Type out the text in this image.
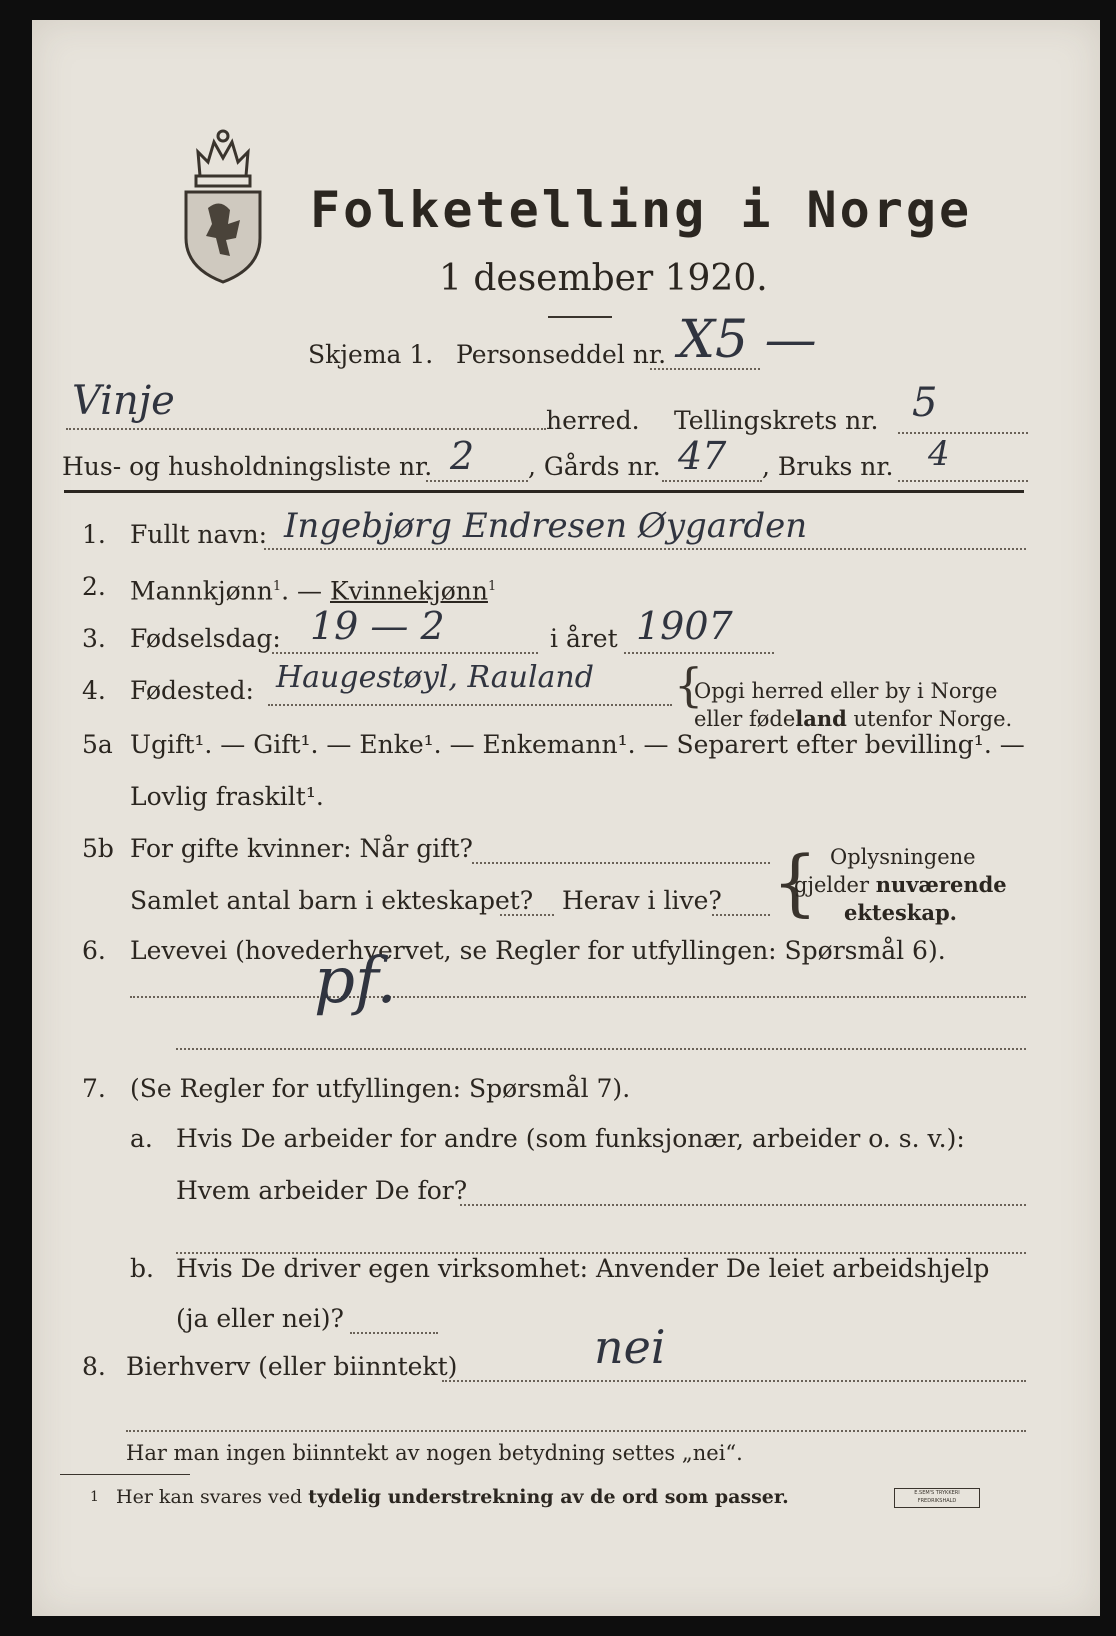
Folketelling i Norge
1 desember 1920.
Skjema 1. Personseddel nr. X5 —
Vinje	herred. Tellingskrets nr. 5
Hus- og husholdningsliste nr. 2 , Gårds nr. 47 , Bruks nr. 4
1. Fullt navn: Ingebjørg Endresen Øygarden
2. Mannkjønn$^1$. — Kvinnekjønn$^1$
3. Fødselsdag: 19 — 2	i året 1907
4. Fødested: Haugestøyl, Rauland {
Opgi herred eller by i Norge
eller fødeland utenfor Norge.
5a Ugift¹. — Gift¹. — Enke¹. — Enkemann¹. — Separert efter bevilling¹. —
Lovlig fraskilt¹.
5b For gifte kvinner: Når gift?
Samlet antal barn i ekteskapet? Herav i live? { Oplysningene
gjelder nuværende
ekteskap.
6. Levevei (hovederhvervet, se Regler for utfyllingen: Spørsmål 6).
pf.
7. (Se Regler for utfyllingen: Spørsmål 7).
a. Hvis De arbeider for andre (som funksjonær, arbeider o. s. v.):
Hvem arbeider De for?
b. Hvis De driver egen virksomhet: Anvender De leiet arbeidshjelp
(ja eller nei)?
8. Bierhverv (eller biinntekt)	nei
Har man ingen biinntekt av nogen betydning settes „nei“.
1 Her kan svares ved tydelig understrekning av de ord som passer.	E.SEM'S TRYKKERI FREDRIKSHALD
